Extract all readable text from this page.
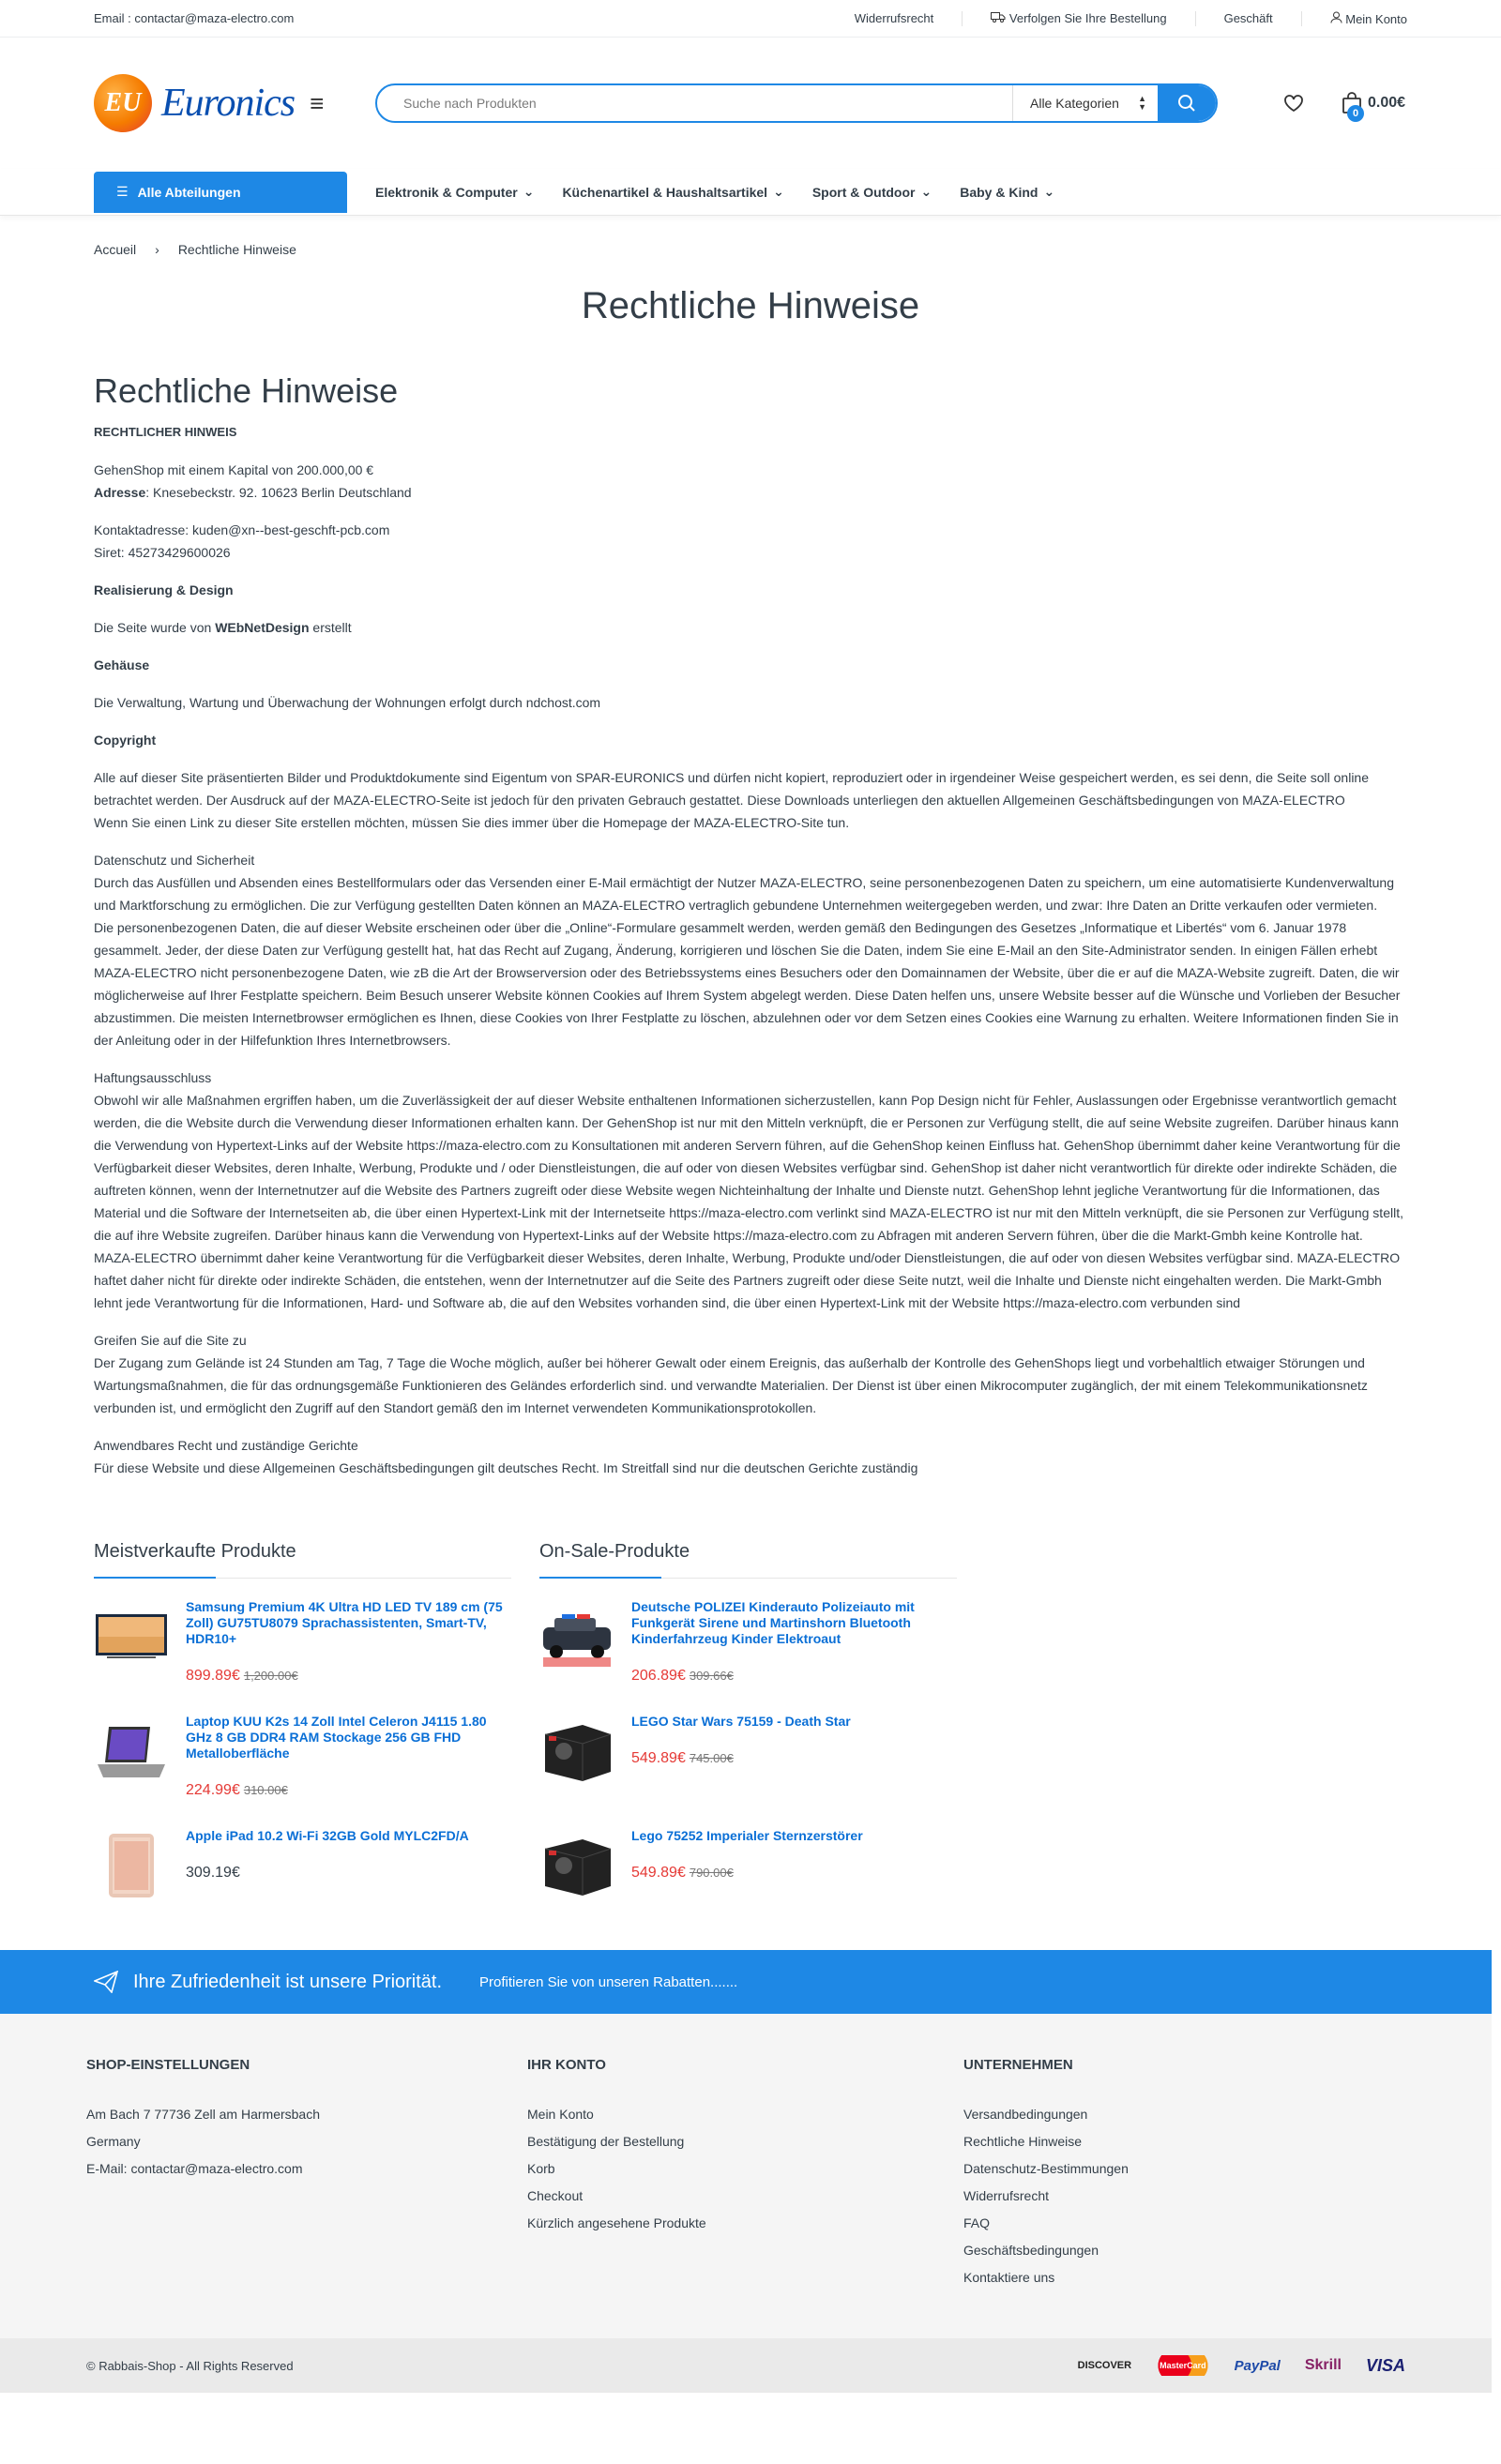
Email : contactar@maza-electro.com	Widerrufsrecht	Verfolgen Sie Ihre Bestellung	Geschäft	Mein Konto
EU Euronics ≡	Suche nach Produkten	Alle Kategorien ▲
▼
0
0.00€
☰ Alle Abteilungen	Elektronik & Computer ⌄ Küchenartikel & Haushaltsartikel ⌄ Sport & Outdoor ⌄ Baby & Kind ⌄
Accueil › Rechtliche Hinweise
Rechtliche Hinweise
Rechtliche Hinweise

RECHTLICHER HINWEIS

GehenShop mit einem Kapital von 200.000,00 €
Adresse: Knesebeckstr. 92. 10623 Berlin Deutschland

Kontaktadresse: kuden@xn--best-geschft-pcb.com
Siret: 45273429600026

Realisierung & Design

Die Seite wurde von WEbNetDesign erstellt

Gehäuse

Die Verwaltung, Wartung und Überwachung der Wohnungen erfolgt durch ndchost.com

Copyright

Alle auf dieser Site präsentierten Bilder und Produktdokumente sind Eigentum von SPAR-EURONICS und dürfen nicht kopiert, reproduziert oder in irgendeiner Weise gespeichert werden, es sei denn, die Seite soll online betrachtet werden. Der Ausdruck auf der MAZA-ELECTRO-Seite ist jedoch für den privaten Gebrauch gestattet. Diese Downloads unterliegen den aktuellen Allgemeinen Geschäftsbedingungen von MAZA-ELECTRO
Wenn Sie einen Link zu dieser Site erstellen möchten, müssen Sie dies immer über die Homepage der MAZA-ELECTRO-Site tun.

Datenschutz und Sicherheit
Durch das Ausfüllen und Absenden eines Bestellformulars oder das Versenden einer E-Mail ermächtigt der Nutzer MAZA-ELECTRO, seine personenbezogenen Daten zu speichern, um eine automatisierte Kundenverwaltung und Marktforschung zu ermöglichen. Die zur Verfügung gestellten Daten können an MAZA-ELECTRO vertraglich gebundene Unternehmen weitergegeben werden, und zwar: Ihre Daten an Dritte verkaufen oder vermieten.
Die personenbezogenen Daten, die auf dieser Website erscheinen oder über die „Online“-Formulare gesammelt werden, werden gemäß den Bedingungen des Gesetzes „Informatique et Libertés“ vom 6. Januar 1978 gesammelt. Jeder, der diese Daten zur Verfügung gestellt hat, hat das Recht auf Zugang, Änderung, korrigieren und löschen Sie die Daten, indem Sie eine E-Mail an den Site-Administrator senden. In einigen Fällen erhebt MAZA-ELECTRO nicht personenbezogene Daten, wie zB die Art der Browserversion oder des Betriebssystems eines Besuchers oder den Domainnamen der Website, über die er auf die MAZA-Website zugreift. Daten, die wir möglicherweise auf Ihrer Festplatte speichern. Beim Besuch unserer Website können Cookies auf Ihrem System abgelegt werden. Diese Daten helfen uns, unsere Website besser auf die Wünsche und Vorlieben der Besucher abzustimmen. Die meisten Internetbrowser ermöglichen es Ihnen, diese Cookies von Ihrer Festplatte zu löschen, abzulehnen oder vor dem Setzen eines Cookies eine Warnung zu erhalten. Weitere Informationen finden Sie in der Anleitung oder in der Hilfefunktion Ihres Internetbrowsers.

Haftungsausschluss
Obwohl wir alle Maßnahmen ergriffen haben, um die Zuverlässigkeit der auf dieser Website enthaltenen Informationen sicherzustellen, kann Pop Design nicht für Fehler, Auslassungen oder Ergebnisse verantwortlich gemacht werden, die die Website durch die Verwendung dieser Informationen erhalten kann. Der GehenShop ist nur mit den Mitteln verknüpft, die er Personen zur Verfügung stellt, die auf seine Website zugreifen. Darüber hinaus kann die Verwendung von Hypertext-Links auf der Website https://maza-electro.com zu Konsultationen mit anderen Servern führen, auf die GehenShop keinen Einfluss hat. GehenShop übernimmt daher keine Verantwortung für die Verfügbarkeit dieser Websites, deren Inhalte, Werbung, Produkte und / oder Dienstleistungen, die auf oder von diesen Websites verfügbar sind. GehenShop ist daher nicht verantwortlich für direkte oder indirekte Schäden, die auftreten können, wenn der Internetnutzer auf die Website des Partners zugreift oder diese Website wegen Nichteinhaltung der Inhalte und Dienste nutzt. GehenShop lehnt jegliche Verantwortung für die Informationen, das Material und die Software der Internetseiten ab, die über einen Hypertext-Link mit der Internetseite https://maza-electro.com verlinkt sind MAZA-ELECTRO ist nur mit den Mitteln verknüpft, die sie Personen zur Verfügung stellt, die auf ihre Website zugreifen. Darüber hinaus kann die Verwendung von Hypertext-Links auf der Website https://maza-electro.com zu Abfragen mit anderen Servern führen, über die die Markt-Gmbh keine Kontrolle hat. MAZA-ELECTRO übernimmt daher keine Verantwortung für die Verfügbarkeit dieser Websites, deren Inhalte, Werbung, Produkte und/oder Dienstleistungen, die auf oder von diesen Websites verfügbar sind. MAZA-ELECTRO haftet daher nicht für direkte oder indirekte Schäden, die entstehen, wenn der Internetnutzer auf die Seite des Partners zugreift oder diese Seite nutzt, weil die Inhalte und Dienste nicht eingehalten werden. Die Markt-Gmbh lehnt jede Verantwortung für die Informationen, Hard- und Software ab, die auf den Websites vorhanden sind, die über einen Hypertext-Link mit der Website https://maza-electro.com verbunden sind

Greifen Sie auf die Site zu
Der Zugang zum Gelände ist 24 Stunden am Tag, 7 Tage die Woche möglich, außer bei höherer Gewalt oder einem Ereignis, das außerhalb der Kontrolle des GehenShops liegt und vorbehaltlich etwaiger Störungen und Wartungsmaßnahmen, die für das ordnungsgemäße Funktionieren des Geländes erforderlich sind. und verwandte Materialien. Der Dienst ist über einen Mikrocomputer zugänglich, der mit einem Telekommunikationsnetz verbunden ist, und ermöglicht den Zugriff auf den Standort gemäß den im Internet verwendeten Kommunikationsprotokollen.

Anwendbares Recht und zuständige Gerichte
Für diese Website und diese Allgemeinen Geschäftsbedingungen gilt deutsches Recht. Im Streitfall sind nur die deutschen Gerichte zuständig

Meistverkaufte Produkte
Samsung Premium 4K Ultra HD LED TV 189 cm (75 Zoll) GU75TU8079 Sprachassistenten, Smart-TV, HDR10+
899.89€ 1,200.00€
Laptop KUU K2s 14 Zoll Intel Celeron J4115 1.80 GHz 8 GB DDR4 RAM Stockage 256 GB FHD Metalloberfläche
224.99€ 310.00€
Apple iPad 10.2 Wi-Fi 32GB Gold MYLC2FD/A
309.19€
On-Sale-Produkte
Deutsche POLIZEI Kinderauto Polizeiauto mit Funkgerät Sirene und Martinshorn Bluetooth Kinderfahrzeug Kinder Elektroaut
206.89€ 309.66€
LEGO Star Wars 75159 - Death Star
549.89€ 745.00€
Lego 75252 Imperialer Sternzerstörer
549.89€ 790.00€
Ihre Zufriedenheit ist unsere Priorität.	Profitieren Sie von unseren Rabatten.......
SHOP-EINSTELLUNGEN
Am Bach 7 77736 Zell am Harmersbach
Germany
E-Mail: contactar@maza-electro.com
IHR KONTO
Mein Konto
Bestätigung der Bestellung
Korb
Checkout
Kürzlich angesehene Produkte
UNTERNEHMEN
Versandbedingungen
Rechtliche Hinweise
Datenschutz-Bestimmungen
Widerrufsrecht
FAQ
Geschäftsbedingungen
Kontaktiere uns
© Rabbais-Shop - All Rights Reserved	DISCOVER	MasterCard PayPal Skrill VISA
